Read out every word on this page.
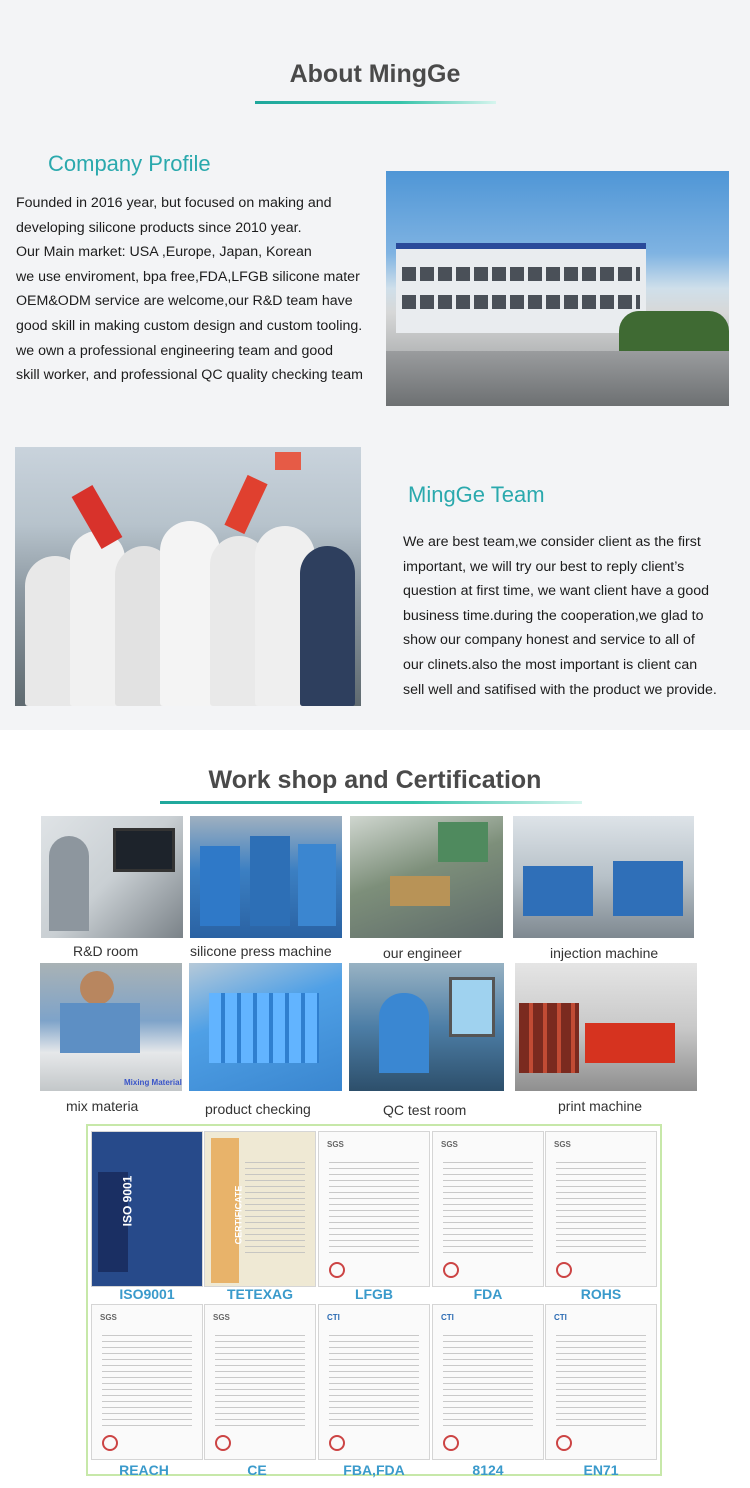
About MingGe
Company Profile
Founded in 2016 year, but focused on making and
developing silicone products since 2010 year.
Our Main market: USA ,Europe, Japan, Korean
we use enviroment, bpa free,FDA,LFGB silicone mater
OEM&ODM service are welcome,our R&D team have
good skill in making custom design and custom tooling.
we own a professional engineering team and good
skill worker, and professional QC quality checking team
MingGe Team
We are best team,we consider client as the first
important, we will try our best to reply client’s
question at first time, we want client have a good
business time.during the cooperation,we glad to
show our company honest and service to all of
our clinets.also the most important is client can
sell well and satifised with the product we provide.
Work shop and Certification
R&D room	silicone press machine	our engineer	injection machine
Mixing Material
mix materia	product checking	QC test room	print machine
ISO 9001
ISO9001
CERTIFICATE
TETEXAG
SGS
LFGB
SGS
FDA
SGS
ROHS
SGS
REACH
SGS
CE
CTI
FBA,FDA
CTI
8124
CTI
EN71
